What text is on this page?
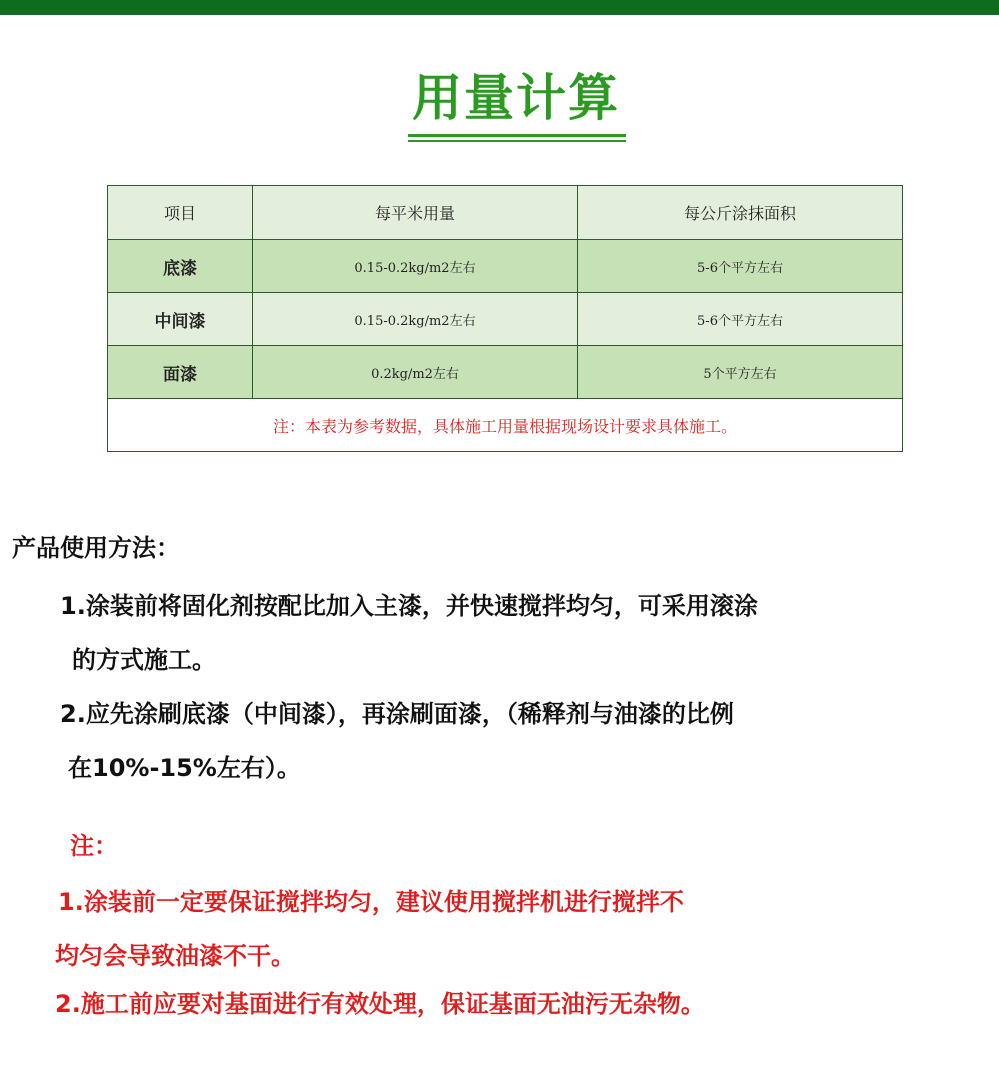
用量计算
项目	每平米用量	每公斤涂抹面积
底漆	0.15-0.2kg/m2左右	5-6个平方左右
中间漆	0.15-0.2kg/m2左右	5-6个平方左右
面漆	0.2kg/m2左右	5个平方左右
注：本表为参考数据，具体施工用量根据现场设计要求具体施工。
产品使用方法：
1.涂装前将固化剂按配比加入主漆，并快速搅拌均匀，可采用滚涂
的方式施工。
2.应先涂刷底漆（中间漆），再涂刷面漆，（稀释剂与油漆的比例
在10%-15%左右）。
注：
1.涂装前一定要保证搅拌均匀，建议使用搅拌机进行搅拌不
均匀会导致油漆不干。
2.施工前应要对基面进行有效处理，保证基面无油污无杂物。
